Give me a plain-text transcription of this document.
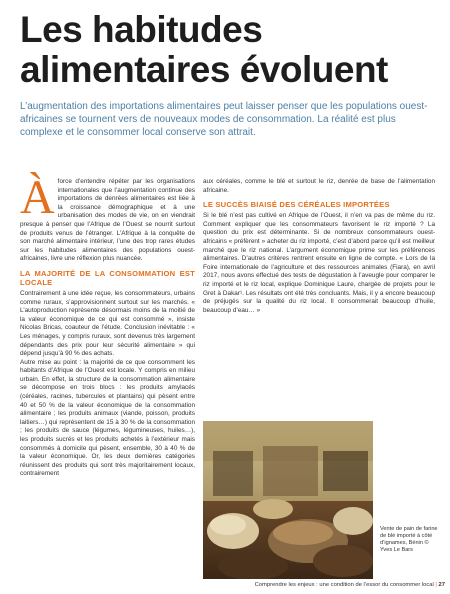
Les habitudes alimentaires évoluent

L’augmentation des importations alimentaires peut laisser penser que les populations ouest-africaines se tournent vers de nouveaux modes de consommation. La réalité est plus complexe et le consommer local conserve son attrait.

Àforce d’entendre répéter par les organisations internationales que l’augmentation continue des importations de denrées alimentaires est liée à la croissance démographique et à une urbanisation des modes de vie, on en viendrait presque à penser que l’Afrique de l’Ouest se nourrit surtout de produits venus de l’étranger. L’Afrique à la conquête de son marché alimentaire intérieur, l’une des trop rares études sur les habitudes alimentaires des populations ouest-africaines, livre une réflexion plus nuancée.

LA MAJORITÉ DE LA CONSOMMATION EST LOCALE

Contrairement à une idée reçue, les consommateurs, urbains comme ruraux, s’approvisionnent surtout sur les marchés. « L’autoproduction représente désormais moins de la moitié de la valeur économique de ce qui est consommé », insiste Nicolas Bricas, coauteur de l’étude. Conclusion inévitable : « Les ménages, y compris ruraux, sont devenus très largement dépendants des prix pour leur sécurité alimentaire » qui dépend jusqu’à 90 % des achats.

Autre mise au point : la majorité de ce que consomment les habitants d’Afrique de l’Ouest est locale. Y compris en milieu urbain. En effet, la structure de la consommation alimentaire se décompose en trois blocs : les produits amylacés (céréales, racines, tubercules et plantains) qui pèsent entre 40 et 50 % de la valeur économique de la consommation alimentaire ; les produits animaux (viande, poisson, produits laitiers…) qui représentent de 15 à 30 % de la consommation ; les produits de sauce (légumes, légumineuses, huiles…), les produits sucrés et les produits achetés à l’extérieur mais consommés à domicile qui pèsent, ensemble, 30 à 40 % de la valeur économique. Or, les deux dernières catégories réunissent des produits qui sont très majoritairement locaux, contrairement

aux céréales, comme le blé et surtout le riz, denrée de base de l’alimentation africaine.

LE SUCCÈS BIAISÉ DES CÉRÉALES IMPORTÉES

Si le blé n’est pas cultivé en Afrique de l’Ouest, il n’en va pas de même du riz. Comment expliquer que les consommateurs favorisent le riz importé ? La question du prix est déterminante. Si de nombreux consommateurs ouest-africains « préfèrent » acheter du riz importé, c’est d’abord parce qu’il est meilleur marché que le riz national. L’argument économique prime sur les préférences alimentaires. D’autres critères rentrent ensuite en ligne de compte. « Lors de la Foire internationale de l’agriculture et des ressources animales (Fiara), en avril 2017, nous avons effectué des tests de dégustation à l’aveugle pour comparer le riz importé et le riz local, explique Dominique Laure, chargée de projets pour le Gret à Dakar¹. Les résultats ont été très concluants. Mais, il y a encore beaucoup de préjugés sur la qualité du riz local. Il consommerait beaucoup d’huile, beaucoup d’eau… »

Vente de pain de farine de blé importé à côté d’ignames, Bénin © Yves Le Bars
Comprendre les enjeux : une condition de l’essor du consommer local | 27
